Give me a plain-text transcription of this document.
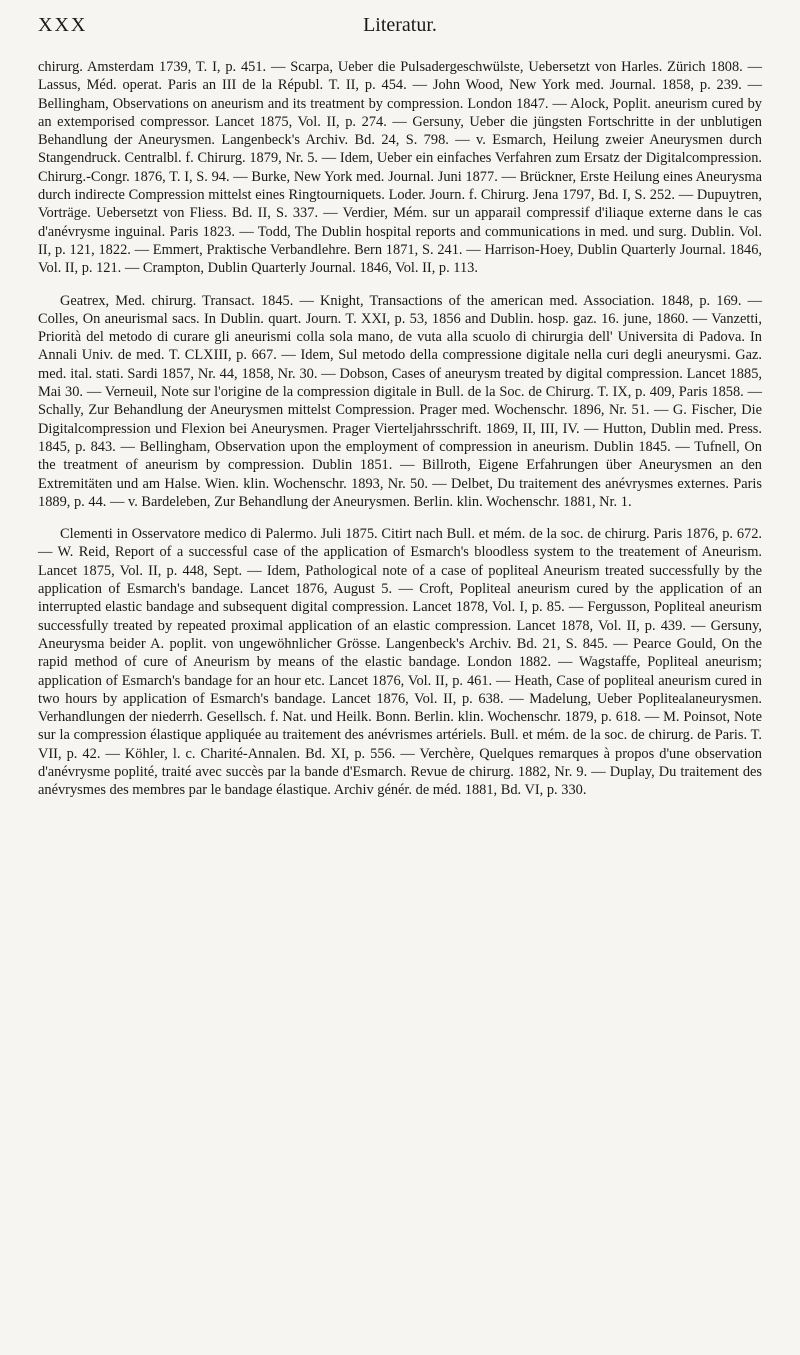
XXX	Literatur.

chirurg. Amsterdam 1739, T. I, p. 451. — Scarpa, Ueber die Pulsadergeschwülste, Uebersetzt von Harles. Zürich 1808. — Lassus, Méd. operat. Paris an III de la Républ. T. II, p. 454. — John Wood, New York med. Journal. 1858, p. 239. — Bellingham, Observations on aneurism and its treatment by compression. London 1847. — Alock, Poplit. aneurism cured by an extemporised compressor. Lancet 1875, Vol. II, p. 274. — Gersuny, Ueber die jüngsten Fortschritte in der unblutigen Behandlung der Aneurysmen. Langenbeck's Archiv. Bd. 24, S. 798. — v. Esmarch, Heilung zweier Aneurysmen durch Stangendruck. Centralbl. f. Chirurg. 1879, Nr. 5. — Idem, Ueber ein einfaches Verfahren zum Ersatz der Digitalcompression. Chirurg.-Congr. 1876, T. I, S. 94. — Burke, New York med. Journal. Juni 1877. — Brückner, Erste Heilung eines Aneurysma durch indirecte Compression mittelst eines Ringtourniquets. Loder. Journ. f. Chirurg. Jena 1797, Bd. I, S. 252. — Dupuytren, Vorträge. Uebersetzt von Fliess. Bd. II, S. 337. — Verdier, Mém. sur un apparail compressif d'iliaque externe dans le cas d'anévrysme inguinal. Paris 1823. — Todd, The Dublin hospital reports and communications in med. und surg. Dublin. Vol. II, p. 121, 1822. — Emmert, Praktische Verbandlehre. Bern 1871, S. 241. — Harrison-Hoey, Dublin Quarterly Journal. 1846, Vol. II, p. 121. — Crampton, Dublin Quarterly Journal. 1846, Vol. II, p. 113.

Geatrex, Med. chirurg. Transact. 1845. — Knight, Transactions of the american med. Association. 1848, p. 169. — Colles, On aneurismal sacs. In Dublin. quart. Journ. T. XXI, p. 53, 1856 and Dublin. hosp. gaz. 16. june, 1860. — Vanzetti, Priorità del metodo di curare gli aneurismi colla sola mano, de vuta alla scuolo di chirurgia dell' Universita di Padova. In Annali Univ. de med. T. CLXIII, p. 667. — Idem, Sul metodo della compressione digitale nella curi degli aneurysmi. Gaz. med. ital. stati. Sardi 1857, Nr. 44, 1858, Nr. 30. — Dobson, Cases of aneurysm treated by digital compression. Lancet 1885, Mai 30. — Verneuil, Note sur l'origine de la compression digitale in Bull. de la Soc. de Chirurg. T. IX, p. 409, Paris 1858. — Schally, Zur Behandlung der Aneurysmen mittelst Compression. Prager med. Wochenschr. 1896, Nr. 51. — G. Fischer, Die Digitalcompression und Flexion bei Aneurysmen. Prager Vierteljahrsschrift. 1869, II, III, IV. — Hutton, Dublin med. Press. 1845, p. 843. — Bellingham, Observation upon the employment of compression in aneurism. Dublin 1845. — Tufnell, On the treatment of aneurism by compression. Dublin 1851. — Billroth, Eigene Erfahrungen über Aneurysmen an den Extremitäten und am Halse. Wien. klin. Wochenschr. 1893, Nr. 50. — Delbet, Du traitement des anévrysmes externes. Paris 1889, p. 44. — v. Bardeleben, Zur Behandlung der Aneurysmen. Berlin. klin. Wochenschr. 1881, Nr. 1.

Clementi in Osservatore medico di Palermo. Juli 1875. Citirt nach Bull. et mém. de la soc. de chirurg. Paris 1876, p. 672. — W. Reid, Report of a successful case of the application of Esmarch's bloodless system to the treatement of Aneurism. Lancet 1875, Vol. II, p. 448, Sept. — Idem, Pathological note of a case of popliteal Aneurism treated successfully by the application of Esmarch's bandage. Lancet 1876, August 5. — Croft, Popliteal aneurism cured by the application of an interrupted elastic bandage and subsequent digital compression. Lancet 1878, Vol. I, p. 85. — Fergusson, Popliteal aneurism successfully treated by repeated proximal application of an elastic compression. Lancet 1878, Vol. II, p. 439. — Gersuny, Aneurysma beider A. poplit. von ungewöhnlicher Grösse. Langenbeck's Archiv. Bd. 21, S. 845. — Pearce Gould, On the rapid method of cure of Aneurism by means of the elastic bandage. London 1882. — Wagstaffe, Popliteal aneurism; application of Esmarch's bandage for an hour etc. Lancet 1876, Vol. II, p. 461. — Heath, Case of popliteal aneurism cured in two hours by application of Esmarch's bandage. Lancet 1876, Vol. II, p. 638. — Madelung, Ueber Poplitealaneurysmen. Verhandlungen der niederrh. Gesellsch. f. Nat. und Heilk. Bonn. Berlin. klin. Wochenschr. 1879, p. 618. — M. Poinsot, Note sur la compression élastique appliquée au traitement des anévrismes artériels. Bull. et mém. de la soc. de chirurg. de Paris. T. VII, p. 42. — Köhler, l. c. Charité-Annalen. Bd. XI, p. 556. — Verchère, Quelques remarques à propos d'une observation d'anévrysme poplité, traité avec succès par la bande d'Esmarch. Revue de chirurg. 1882, Nr. 9. — Duplay, Du traitement des anévrysmes des membres par le bandage élastique. Archiv génér. de méd. 1881, Bd. VI, p. 330.
